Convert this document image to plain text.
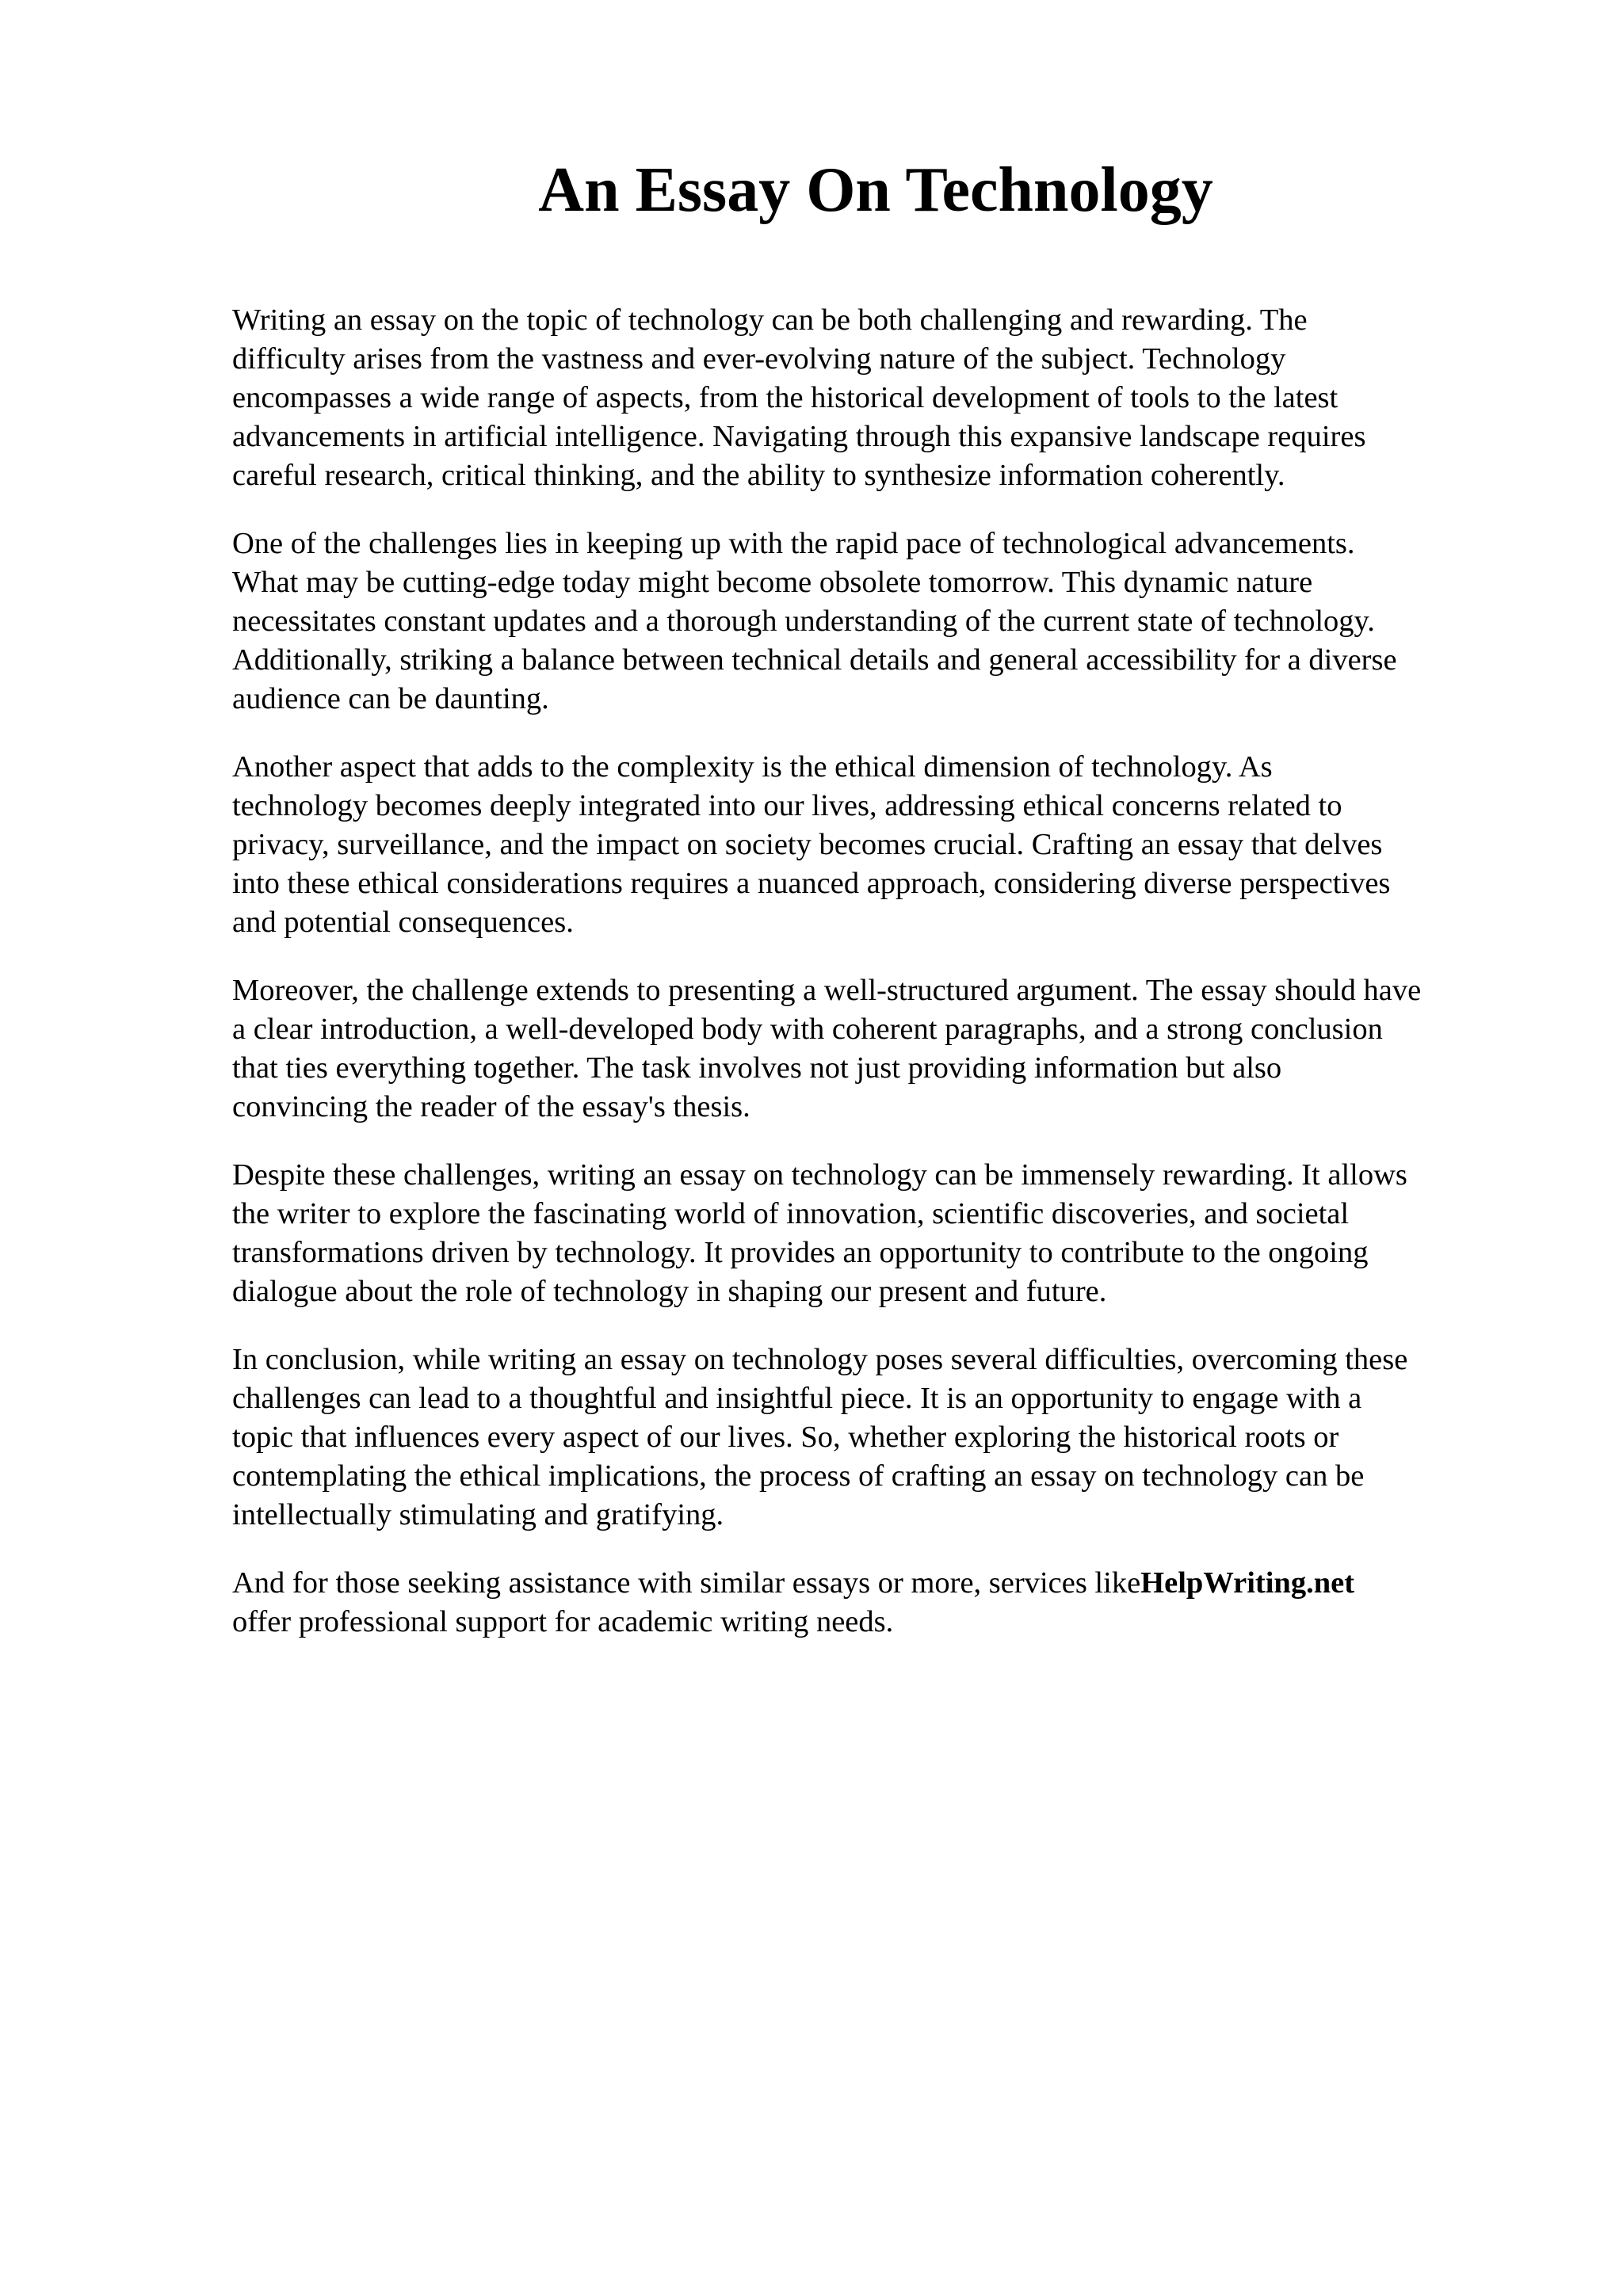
An Essay On Technology

Writing an essay on the topic of technology can be both challenging and rewarding. The
difficulty arises from the vastness and ever-evolving nature of the subject. Technology
encompasses a wide range of aspects, from the historical development of tools to the latest
advancements in artificial intelligence. Navigating through this expansive landscape requires
careful research, critical thinking, and the ability to synthesize information coherently.

One of the challenges lies in keeping up with the rapid pace of technological advancements.
What may be cutting-edge today might become obsolete tomorrow. This dynamic nature
necessitates constant updates and a thorough understanding of the current state of technology.
Additionally, striking a balance between technical details and general accessibility for a diverse
audience can be daunting.

Another aspect that adds to the complexity is the ethical dimension of technology. As
technology becomes deeply integrated into our lives, addressing ethical concerns related to
privacy, surveillance, and the impact on society becomes crucial. Crafting an essay that delves
into these ethical considerations requires a nuanced approach, considering diverse perspectives
and potential consequences.

Moreover, the challenge extends to presenting a well-structured argument. The essay should have
a clear introduction, a well-developed body with coherent paragraphs, and a strong conclusion
that ties everything together. The task involves not just providing information but also
convincing the reader of the essay's thesis.

Despite these challenges, writing an essay on technology can be immensely rewarding. It allows
the writer to explore the fascinating world of innovation, scientific discoveries, and societal
transformations driven by technology. It provides an opportunity to contribute to the ongoing
dialogue about the role of technology in shaping our present and future.

In conclusion, while writing an essay on technology poses several difficulties, overcoming these
challenges can lead to a thoughtful and insightful piece. It is an opportunity to engage with a
topic that influences every aspect of our lives. So, whether exploring the historical roots or
contemplating the ethical implications, the process of crafting an essay on technology can be
intellectually stimulating and gratifying.

And for those seeking assistance with similar essays or more, services likeHelpWriting.net
offer professional support for academic writing needs.
